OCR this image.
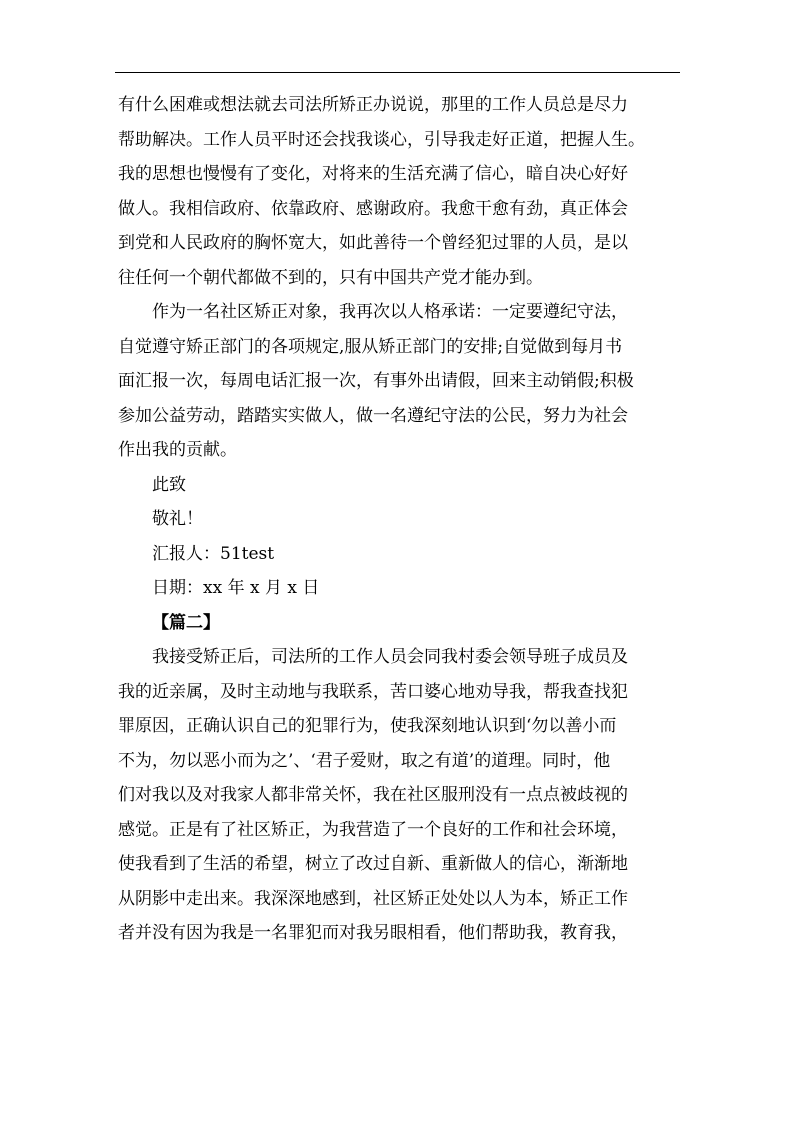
有什么困难或想法就去司法所矫正办说说，那里的工作人员总是尽力
帮助解决。工作人员平时还会找我谈心，引导我走好正道，把握人生。
我的思想也慢慢有了变化，对将来的生活充满了信心，暗自决心好好
做人。我相信政府、依靠政府、感谢政府。我愈干愈有劲，真正体会
到党和人民政府的胸怀宽大，如此善待一个曾经犯过罪的人员，是以
往任何一个朝代都做不到的，只有中国共产党才能办到。
作为一名社区矫正对象，我再次以人格承诺：一定要遵纪守法，
自觉遵守矫正部门的各项规定,服从矫正部门的安排;自觉做到每月书
面汇报一次，每周电话汇报一次，有事外出请假，回来主动销假;积极
参加公益劳动，踏踏实实做人，做一名遵纪守法的公民，努力为社会
作出我的贡献。
此致
敬礼！
汇报人：51test
日期：xx 年 x 月 x 日
【篇二】
我接受矫正后，司法所的工作人员会同我村委会领导班子成员及
我的近亲属，及时主动地与我联系，苦口婆心地劝导我，帮我查找犯
罪原因，正确认识自己的犯罪行为，使我深刻地认识到‘勿以善小而
不为，勿以恶小而为之’、‘君子爱财，取之有道’的道理。同时，他
们对我以及对我家人都非常关怀，我在社区服刑没有一点点被歧视的
感觉。正是有了社区矫正，为我营造了一个良好的工作和社会环境，
使我看到了生活的希望，树立了改过自新、重新做人的信心，渐渐地
从阴影中走出来。我深深地感到，社区矫正处处以人为本，矫正工作
者并没有因为我是一名罪犯而对我另眼相看，他们帮助我，教育我，
